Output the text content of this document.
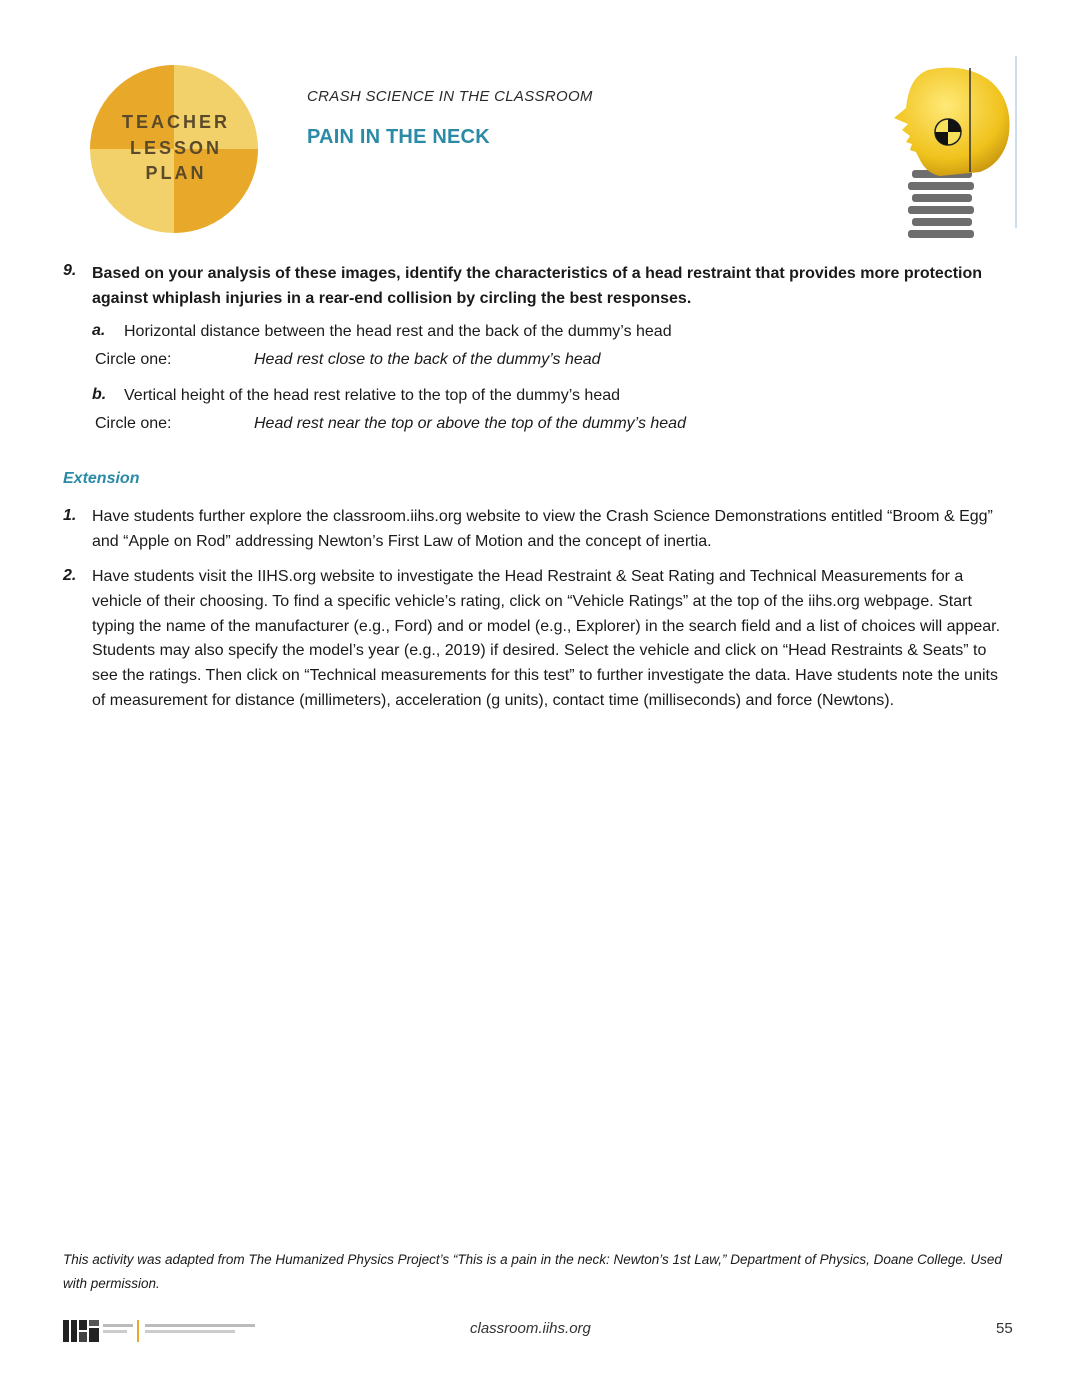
TEACHER
LESSON
PLAN
CRASH SCIENCE IN THE CLASSROOM
PAIN IN THE NECK
9. Based on your analysis of these images, identify the characteristics of a head restraint that provides more protection against whiplash injuries in a rear-end collision by circling the best responses.
a. Horizontal distance between the head rest and the back of the dummy’s head
Circle one:	Head rest close to the back of the dummy’s head
b. Vertical height of the head rest relative to the top of the dummy’s head
Circle one:	Head rest near the top or above the top of the dummy’s head
Extension
1. Have students further explore the classroom.iihs.org website to view the Crash Science Demonstrations entitled “Broom & Egg” and “Apple on Rod” addressing Newton’s First Law of Motion and the concept of inertia.
2. Have students visit the IIHS.org website to investigate the Head Restraint & Seat Rating and Technical Measurements for a vehicle of their choosing. To find a specific vehicle’s rating, click on “Vehicle Ratings” at the top of the iihs.org webpage. Start typing the name of the manufacturer (e.g., Ford) and or model (e.g., Explorer) in the search field and a list of choices will appear. Students may also specify the model’s year (e.g., 2019) if desired. Select the vehicle and click on “Head Restraints & Seats” to see the ratings. Then click on “Technical measurements for this test” to further investigate the data. Have students note the units of measurement for distance (millimeters), acceleration (g units), contact time (milliseconds) and force (Newtons).
This activity was adapted from The Humanized Physics Project’s “This is a pain in the neck: Newton’s 1st Law,” Department of Physics, Doane College. Used with permission.
classroom.iihs.org	55
